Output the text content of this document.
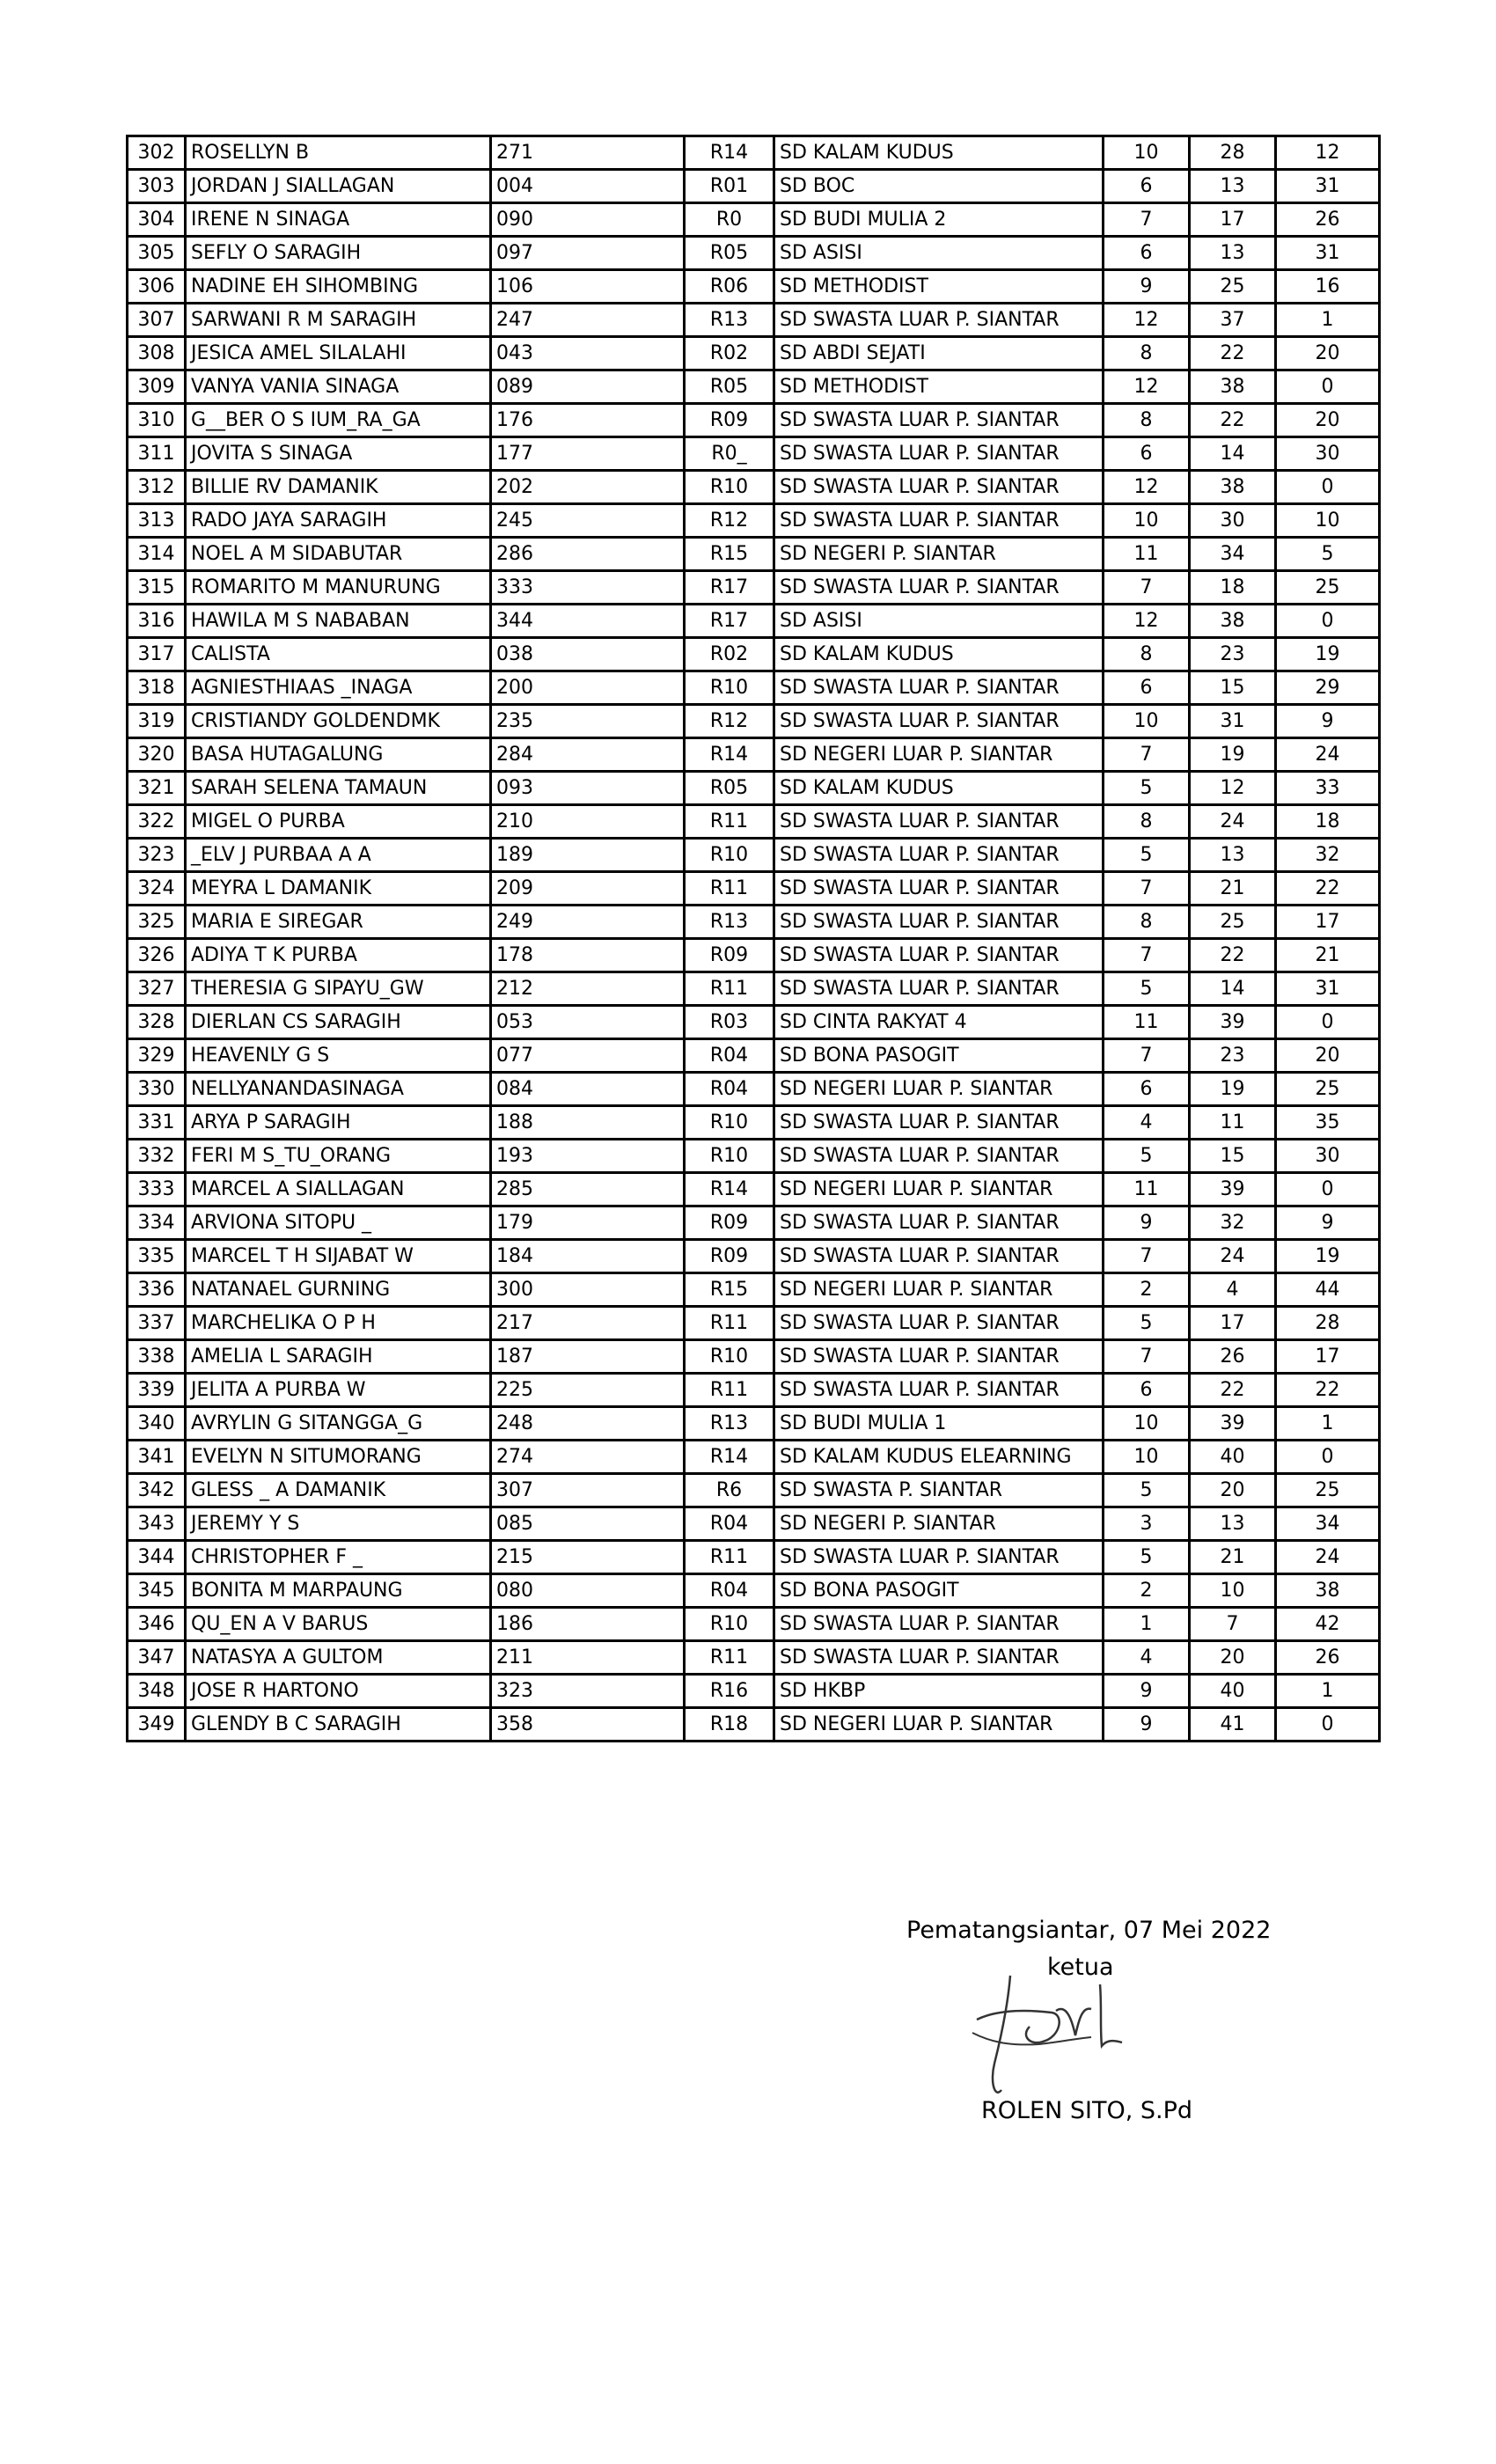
302	ROSELLYN B	271	R14	SD KALAM KUDUS	10	28	12
303	JORDAN J SIALLAGAN	004	R01	SD BOC	6	13	31
304	IRENE N SINAGA	090	R0	SD BUDI MULIA 2	7	17	26
305	SEFLY O SARAGIH	097	R05	SD ASISI	6	13	31
306	NADINE EH SIHOMBING	106	R06	SD METHODIST	9	25	16
307	SARWANI R M SARAGIH	247	R13	SD SWASTA LUAR P. SIANTAR	12	37	1
308	JESICA AMEL SILALAHI	043	R02	SD ABDI SEJATI	8	22	20
309	VANYA VANIA SINAGA	089	R05	SD METHODIST	12	38	0
310	G__BER O S IUM_RA_GA	176	R09	SD SWASTA LUAR P. SIANTAR	8	22	20
311	JOVITA S SINAGA	177	R0_	SD SWASTA LUAR P. SIANTAR	6	14	30
312	BILLIE RV DAMANIK	202	R10	SD SWASTA LUAR P. SIANTAR	12	38	0
313	RADO JAYA SARAGIH	245	R12	SD SWASTA LUAR P. SIANTAR	10	30	10
314	NOEL A M SIDABUTAR	286	R15	SD NEGERI P. SIANTAR	11	34	5
315	ROMARITO M MANURUNG	333	R17	SD SWASTA LUAR P. SIANTAR	7	18	25
316	HAWILA M S NABABAN	344	R17	SD ASISI	12	38	0
317	CALISTA	038	R02	SD KALAM KUDUS	8	23	19
318	AGNIESTHIAAS _INAGA	200	R10	SD SWASTA LUAR P. SIANTAR	6	15	29
319	CRISTIANDY GOLDENDMK	235	R12	SD SWASTA LUAR P. SIANTAR	10	31	9
320	BASA HUTAGALUNG	284	R14	SD NEGERI LUAR P. SIANTAR	7	19	24
321	SARAH SELENA TAMAUN	093	R05	SD KALAM KUDUS	5	12	33
322	MIGEL O PURBA	210	R11	SD SWASTA LUAR P. SIANTAR	8	24	18
323	_ELV J PURBAA A A	189	R10	SD SWASTA LUAR P. SIANTAR	5	13	32
324	MEYRA L DAMANIK	209	R11	SD SWASTA LUAR P. SIANTAR	7	21	22
325	MARIA E SIREGAR	249	R13	SD SWASTA LUAR P. SIANTAR	8	25	17
326	ADIYA T K PURBA	178	R09	SD SWASTA LUAR P. SIANTAR	7	22	21
327	THERESIA G SIPAYU_GW	212	R11	SD SWASTA LUAR P. SIANTAR	5	14	31
328	DIERLAN CS SARAGIH	053	R03	SD CINTA RAKYAT 4	11	39	0
329	HEAVENLY G S	077	R04	SD BONA PASOGIT	7	23	20
330	NELLYANANDASINAGA	084	R04	SD NEGERI LUAR P. SIANTAR	6	19	25
331	ARYA P SARAGIH	188	R10	SD SWASTA LUAR P. SIANTAR	4	11	35
332	FERI M S_TU_ORANG	193	R10	SD SWASTA LUAR P. SIANTAR	5	15	30
333	MARCEL A SIALLAGAN	285	R14	SD NEGERI LUAR P. SIANTAR	11	39	0
334	ARVIONA SITOPU _	179	R09	SD SWASTA LUAR P. SIANTAR	9	32	9
335	MARCEL T H SIJABAT W	184	R09	SD SWASTA LUAR P. SIANTAR	7	24	19
336	NATANAEL GURNING	300	R15	SD NEGERI LUAR P. SIANTAR	2	4	44
337	MARCHELIKA O P H	217	R11	SD SWASTA LUAR P. SIANTAR	5	17	28
338	AMELIA L SARAGIH	187	R10	SD SWASTA LUAR P. SIANTAR	7	26	17
339	JELITA A PURBA W	225	R11	SD SWASTA LUAR P. SIANTAR	6	22	22
340	AVRYLIN G SITANGGA_G	248	R13	SD BUDI MULIA 1	10	39	1
341	EVELYN N SITUMORANG	274	R14	SD KALAM KUDUS ELEARNING	10	40	0
342	GLESS _ A DAMANIK	307	R6	SD SWASTA P. SIANTAR	5	20	25
343	JEREMY Y S	085	R04	SD NEGERI P. SIANTAR	3	13	34
344	CHRISTOPHER F _	215	R11	SD SWASTA LUAR P. SIANTAR	5	21	24
345	BONITA M MARPAUNG	080	R04	SD BONA PASOGIT	2	10	38
346	QU_EN A V BARUS	186	R10	SD SWASTA LUAR P. SIANTAR	1	7	42
347	NATASYA A GULTOM	211	R11	SD SWASTA LUAR P. SIANTAR	4	20	26
348	JOSE R HARTONO	323	R16	SD HKBP	9	40	1
349	GLENDY B C SARAGIH	358	R18	SD NEGERI LUAR P. SIANTAR	9	41	0
Pematangsiantar, 07 Mei 2022
ketua
ROLEN SITO, S.Pd
